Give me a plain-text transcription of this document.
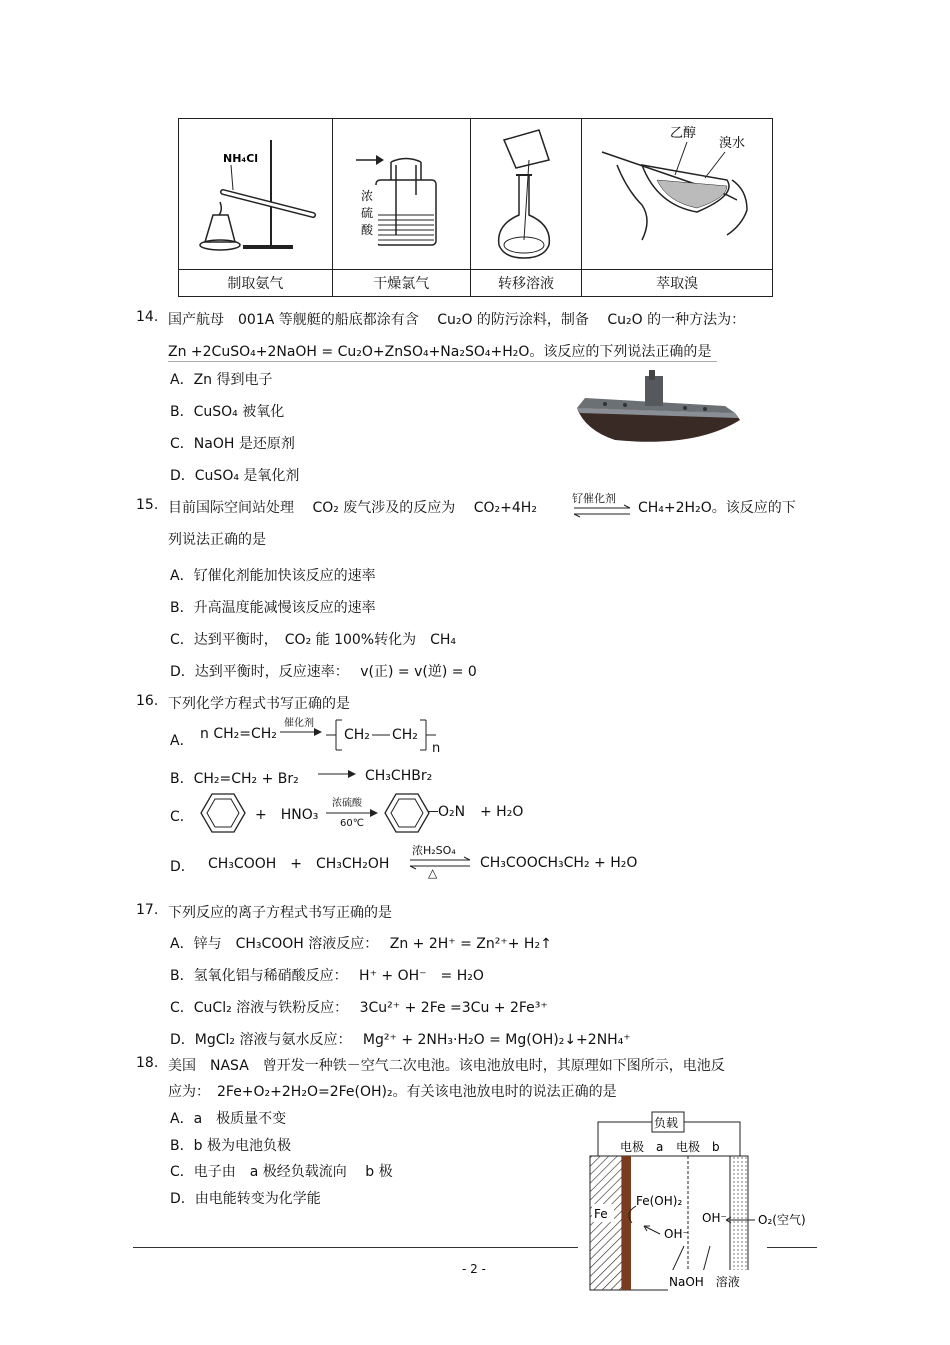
NH₄Cl	浓
硫
酸		乙醇
溴水

制取氨气	干燥氯气	转移溶液	萃取溴
14. 国产航母　001A 等舰艇的船底都涂有含　 Cu₂O 的防污涂料，制备　 Cu₂O 的一种方法为：
Zn +2CuSO₄+2NaOH = Cu₂O+ZnSO₄+Na₂SO₄+H₂O。该反应的下列说法正确的是
A．Zn 得到电子
B．CuSO₄ 被氧化
C．NaOH 是还原剂
D．CuSO₄ 是氧化剂
15. 目前国际空间站处理　 CO₂ 废气涉及的反应为　 CO₂+4H₂
钌催化剂
CH₄+2H₂O。该反应的下
列说法正确的是
A．钌催化剂能加快该反应的速率
B．升高温度能减慢该反应的速率
C．达到平衡时，　CO₂ 能 100%转化为　CH₄
D．达到平衡时，反应速率：　 v(正) = v(逆) = 0
16. 下列化学方程式书写正确的是
A． n CH₂=CH₂
催化剂
CH₂ CH₂
n
B．CH₂=CH₂ + Br₂	CH₃CHBr₂
C．	+　HNO₃
浓硫酸
60℃
O₂N + H₂O
D． CH₃COOH　+　CH₃CH₂OH
浓H₂SO₄
△
CH₃COOCH₃CH₂ + H₂O
17. 下列反应的离子方程式书写正确的是
A．锌与　CH₃COOH 溶液反应：　 Zn + 2H⁺ = Zn²⁺+ H₂↑
B．氢氧化铝与稀硝酸反应：　 H⁺ + OH⁻　= H₂O
C．CuCl₂ 溶液与铁粉反应：　 3Cu²⁺ + 2Fe =3Cu + 2Fe³⁺
D．MgCl₂ 溶液与氨水反应：　 Mg²⁺ + 2NH₃·H₂O = Mg(OH)₂↓+2NH₄⁺
18. 美国　NASA　曾开发一种铁－空气二次电池。该电池放电时，其原理如下图所示，电池反
应为：　2Fe+O₂+2H₂O=2Fe(OH)₂。有关该电池放电时的说法正确的是
A．a　极质量不变
B．b 极为电池负极
C．电子由　a 极经负载流向　 b 极
D．由电能转变为化学能
负载
电极　a 电极　b
Fe
Fe(OH)₂
OH⁻
OH⁻
O₂(空气)
NaOH　溶液
- 2 -
